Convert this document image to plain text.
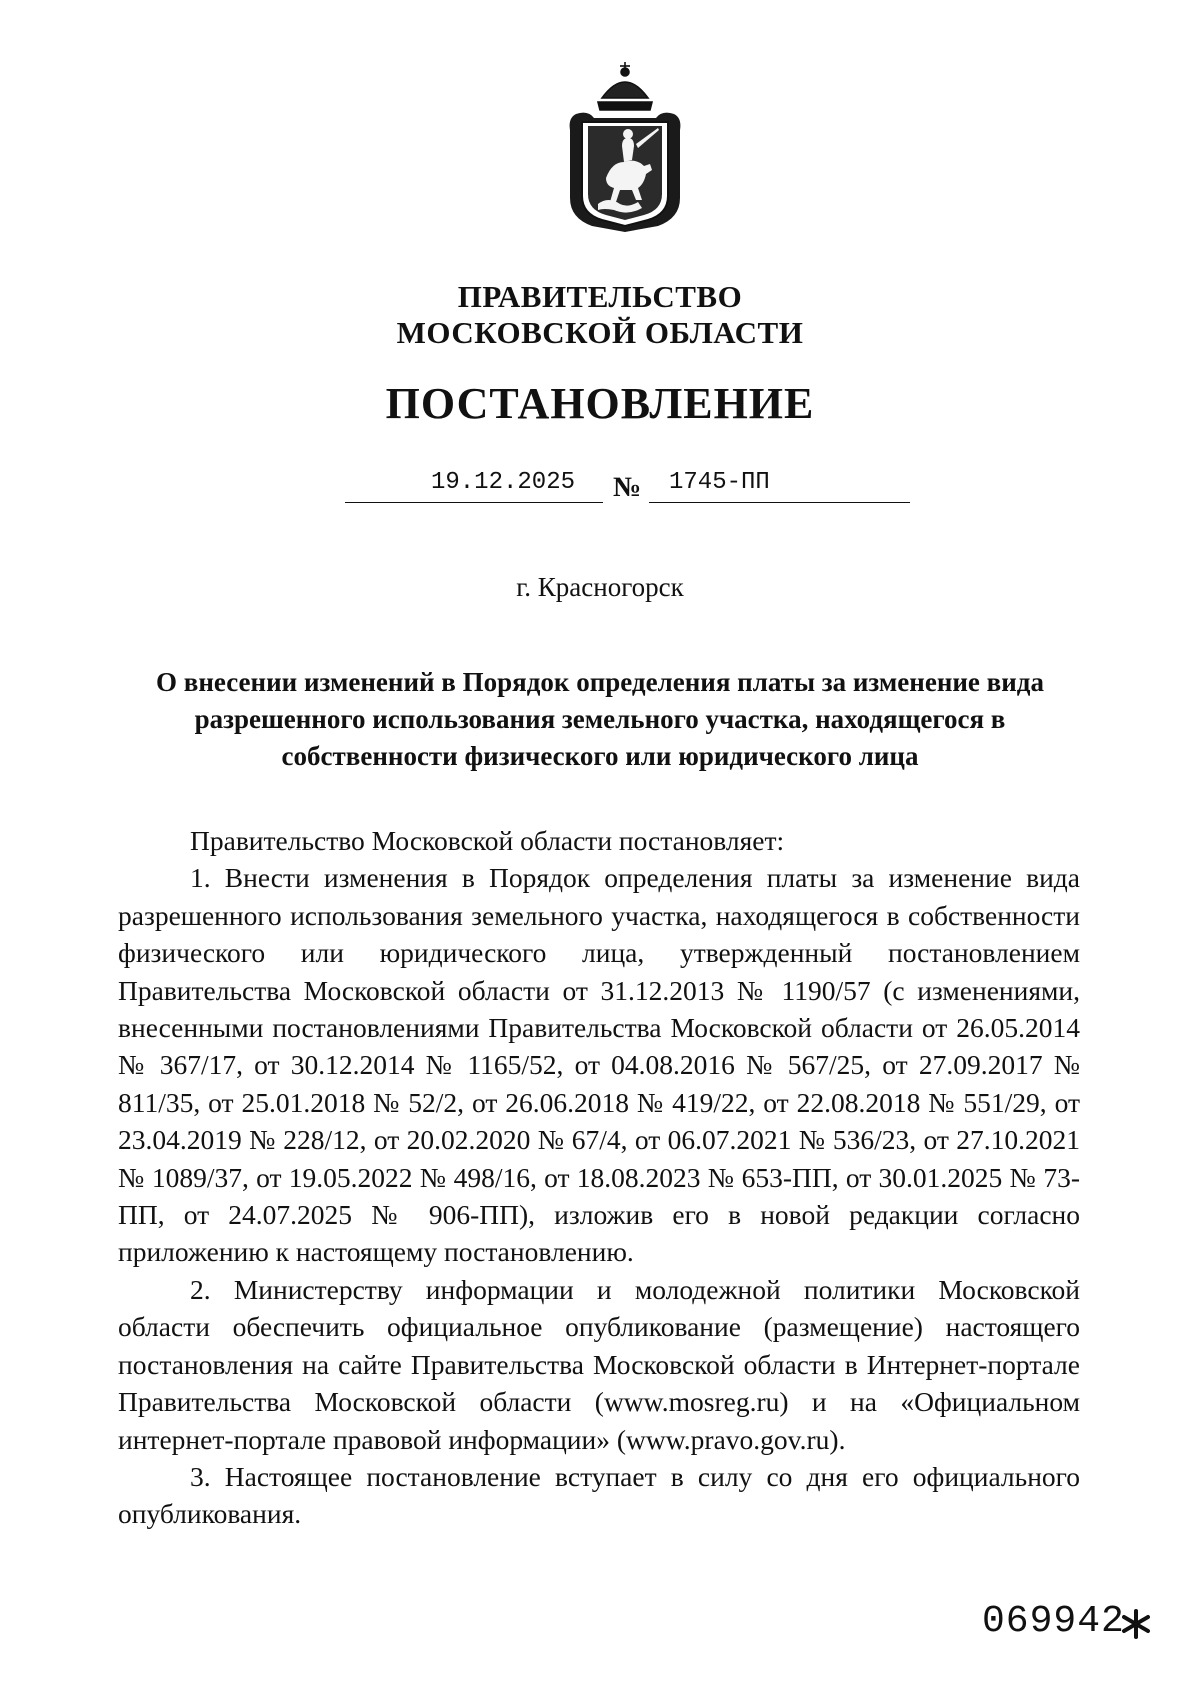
ПРАВИТЕЛЬСТВО
МОСКОВСКОЙ ОБЛАСТИ
ПОСТАНОВЛЕНИЕ
19.12.2025	№	1745-ПП
г. Красногорск
О внесении изменений в Порядок определения платы за изменение вида разрешенного использования земельного участка, находящегося в собственности физического или юридического лица

Правительство Московской области постановляет:

1. Внести изменения в Порядок определения платы за изменение вида разрешенного использования земельного участка, находящегося в собственности физического или юридического лица, утвержденный постановлением Правительства Московской области от 31.12.2013 № 1190/57 (с изменениями, внесенными постановлениями Правительства Московской области от 26.05.2014 № 367/17, от 30.12.2014 № 1165/52, от 04.08.2016 № 567/25, от 27.09.2017 № 811/35, от 25.01.2018 № 52/2, от 26.06.2018 № 419/22, от 22.08.2018 № 551/29, от 23.04.2019 № 228/12, от 20.02.2020 № 67/4, от 06.07.2021 № 536/23, от 27.10.2021 № 1089/37, от 19.05.2022 № 498/16, от 18.08.2023 № 653-ПП, от 30.01.2025 № 73-ПП, от 24.07.2025 № 906-ПП), изложив его в новой редакции согласно приложению к настоящему постановлению.

2. Министерству информации и молодежной политики Московской области обеспечить официальное опубликование (размещение) настоящего постановления на сайте Правительства Московской области в Интернет-портале Правительства Московской области (www.mosreg.ru) и на «Официальном интернет-портале правовой информации» (www.pravo.gov.ru).

3. Настоящее постановление вступает в силу со дня его официального опубликования.

069942
